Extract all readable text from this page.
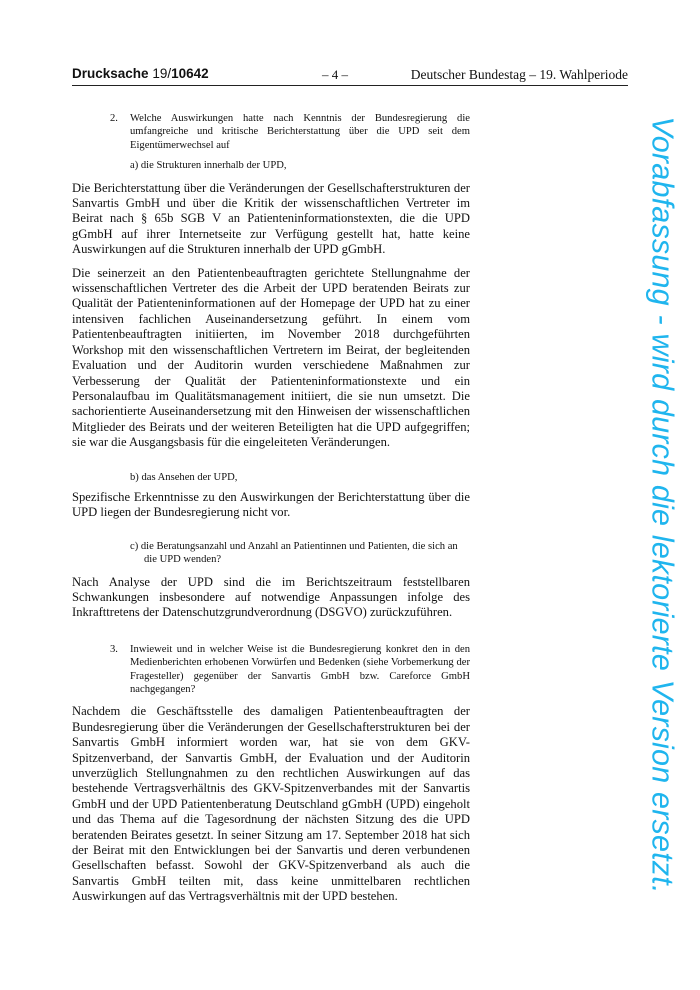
Drucksache 19/10642	– 4 –	Deutscher Bundestag – 19. Wahlperiode

2. Welche Auswirkungen hatte nach Kenntnis der Bundesregierung die umfangreiche und kritische Berichterstattung über die UPD seit dem Eigentümerwechsel auf

a) die Strukturen innerhalb der UPD,

Die Berichterstattung über die Veränderungen der Gesellschafterstrukturen der Sanvartis GmbH und über die Kritik der wissenschaftlichen Vertreter im Beirat nach § 65b SGB V an Patienteninformationstexten, die die UPD gGmbH auf ihrer Internetseite zur Verfügung gestellt hat, hatte keine Auswirkungen auf die Strukturen innerhalb der UPD gGmbH.

Die seinerzeit an den Patientenbeauftragten gerichtete Stellungnahme der wissenschaftlichen Vertreter des die Arbeit der UPD beratenden Beirats zur Qualität der Patienteninformationen auf der Homepage der UPD hat zu einer intensiven fachlichen Auseinandersetzung geführt. In einem vom Patientenbeauftragten initiierten, im November 2018 durchgeführten Workshop mit den wissenschaftlichen Vertretern im Beirat, der begleitenden Evaluation und der Auditorin wurden verschiedene Maßnahmen zur Verbesserung der Qualität der Patienteninformationstexte und ein Personalaufbau im Qualitätsmanagement initiiert, die sie nun umsetzt. Die sachorientierte Auseinandersetzung mit den Hinweisen der wissenschaftlichen Mitglieder des Beirats und der weiteren Beteiligten hat die UPD aufgegriffen; sie war die Ausgangsbasis für die eingeleiteten Veränderungen.

b) das Ansehen der UPD,

Spezifische Erkenntnisse zu den Auswirkungen der Berichterstattung über die UPD liegen der Bundesregierung nicht vor.

c) die Beratungsanzahl und Anzahl an Patientinnen und Patienten, die sich an die UPD wenden?

Nach Analyse der UPD sind die im Berichtszeitraum feststellbaren Schwankungen insbesondere auf notwendige Anpassungen infolge des Inkrafttretens der Datenschutzgrundverordnung (DSGVO) zurückzuführen.

3. Inwieweit und in welcher Weise ist die Bundesregierung konkret den in den Medienberichten erhobenen Vorwürfen und Bedenken (siehe Vorbemerkung der Fragesteller) gegenüber der Sanvartis GmbH bzw. Careforce GmbH nachgegangen?

Nachdem die Geschäftsstelle des damaligen Patientenbeauftragten der Bundesregierung über die Veränderungen der Gesellschafterstrukturen bei der Sanvartis GmbH informiert worden war, hat sie von dem GKV-Spitzenverband, der Sanvartis GmbH, der Evaluation und der Auditorin unverzüglich Stellungnahmen zu den rechtlichen Auswirkungen auf das bestehende Vertragsverhältnis des GKV-Spitzenverbandes mit der Sanvartis GmbH und der UPD Patientenberatung Deutschland gGmbH (UPD) eingeholt und das Thema auf die Tagesordnung der nächsten Sitzung des die UPD beratenden Beirates gesetzt. In seiner Sitzung am 17. September 2018 hat sich der Beirat mit den Entwicklungen bei der Sanvartis und deren verbundenen Gesellschaften befasst. Sowohl der GKV-Spitzenverband als auch die Sanvartis GmbH teilten mit, dass keine unmittelbaren rechtlichen Auswirkungen auf das Vertragsverhältnis mit der UPD bestehen.

Vorabfassung - wird durch die lektorierte Version ersetzt.
